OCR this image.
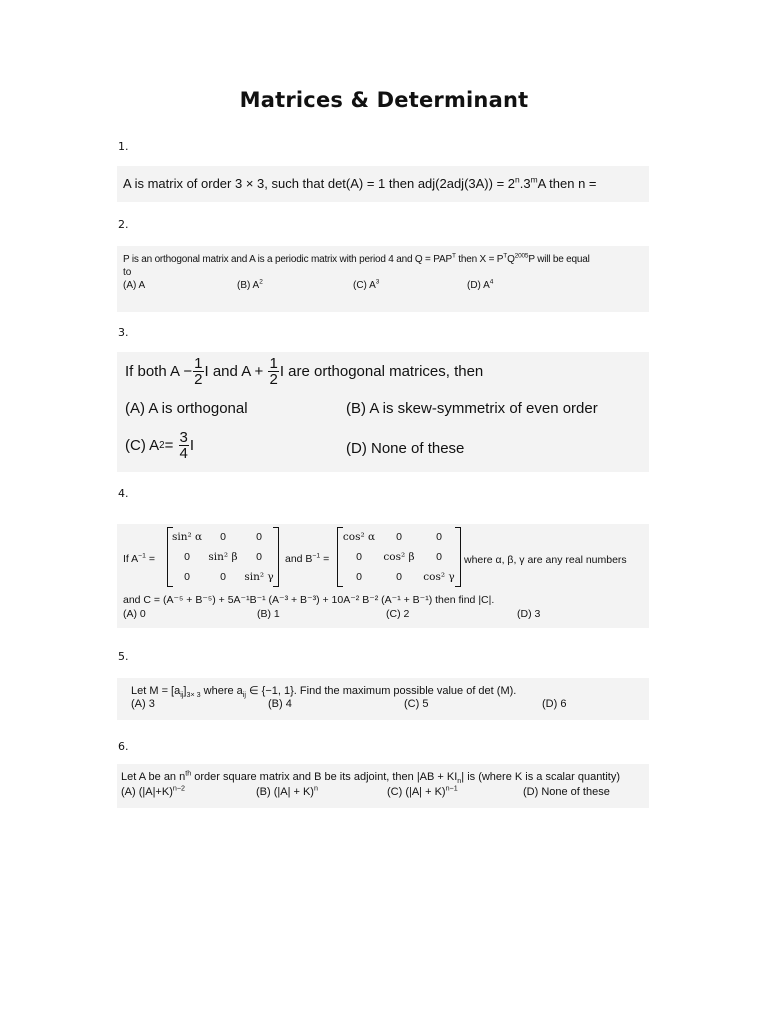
Matrices & Determinant
1.
A is matrix of order 3 × 3, such that det(A) = 1 then $adj(2adj(3A)) = 2^n.3^mA$ then n =
2.
P is an orthogonal matrix and A is a periodic matrix with period 4 and $Q = PAP^T$ then $X = P^TQ^{2005}P$ will be equal
to
(A) A	(B) $A^2$	(C) $A^3$	(D) $A^4$
3.
If both $A - \frac{1}{2}$ I and A +
$\frac{1}{2}$ I are orthogonal matrices, then
(A) A is orthogonal	(B) A is skew-symmetrix of even order
(C) A 2 =
$\frac{3}{4}$ I	(D) None of these
4.
If $A^{-1}$ =
sin² α	0	0
0	sin² β	0
0	0	sin² γ
and $B^{-1}$ =
cos² α	0	0
0	cos² β	0
0	0	cos² γ
where α, β, γ are any real numbers
and C = (A⁻⁵ + B⁻⁵) + 5A⁻¹B⁻¹ (A⁻³ + B⁻³) + 10A⁻² B⁻² (A⁻¹ + B⁻¹) then find |C|.
(A) 0	(B) 1	(C) 2	(D) 3
5.
Let $M = [a_{ij}]_{3\times 3}$ where $a_{ij}$ ∈ {−1, 1}. Find the maximum possible value of det (M).
(A) 3	(B) 4	(C) 5	(D) 6
6.
Let A be an $n^{th}$ order square matrix and B be its adjoint, then $|AB + KI_n|$ is (where K is a scalar quantity)
(A) $(|A|+K)^{n-2}$	(B) $(|A| + K)^n$	(C) $(|A| + K)^{n-1}$	(D) None of these
